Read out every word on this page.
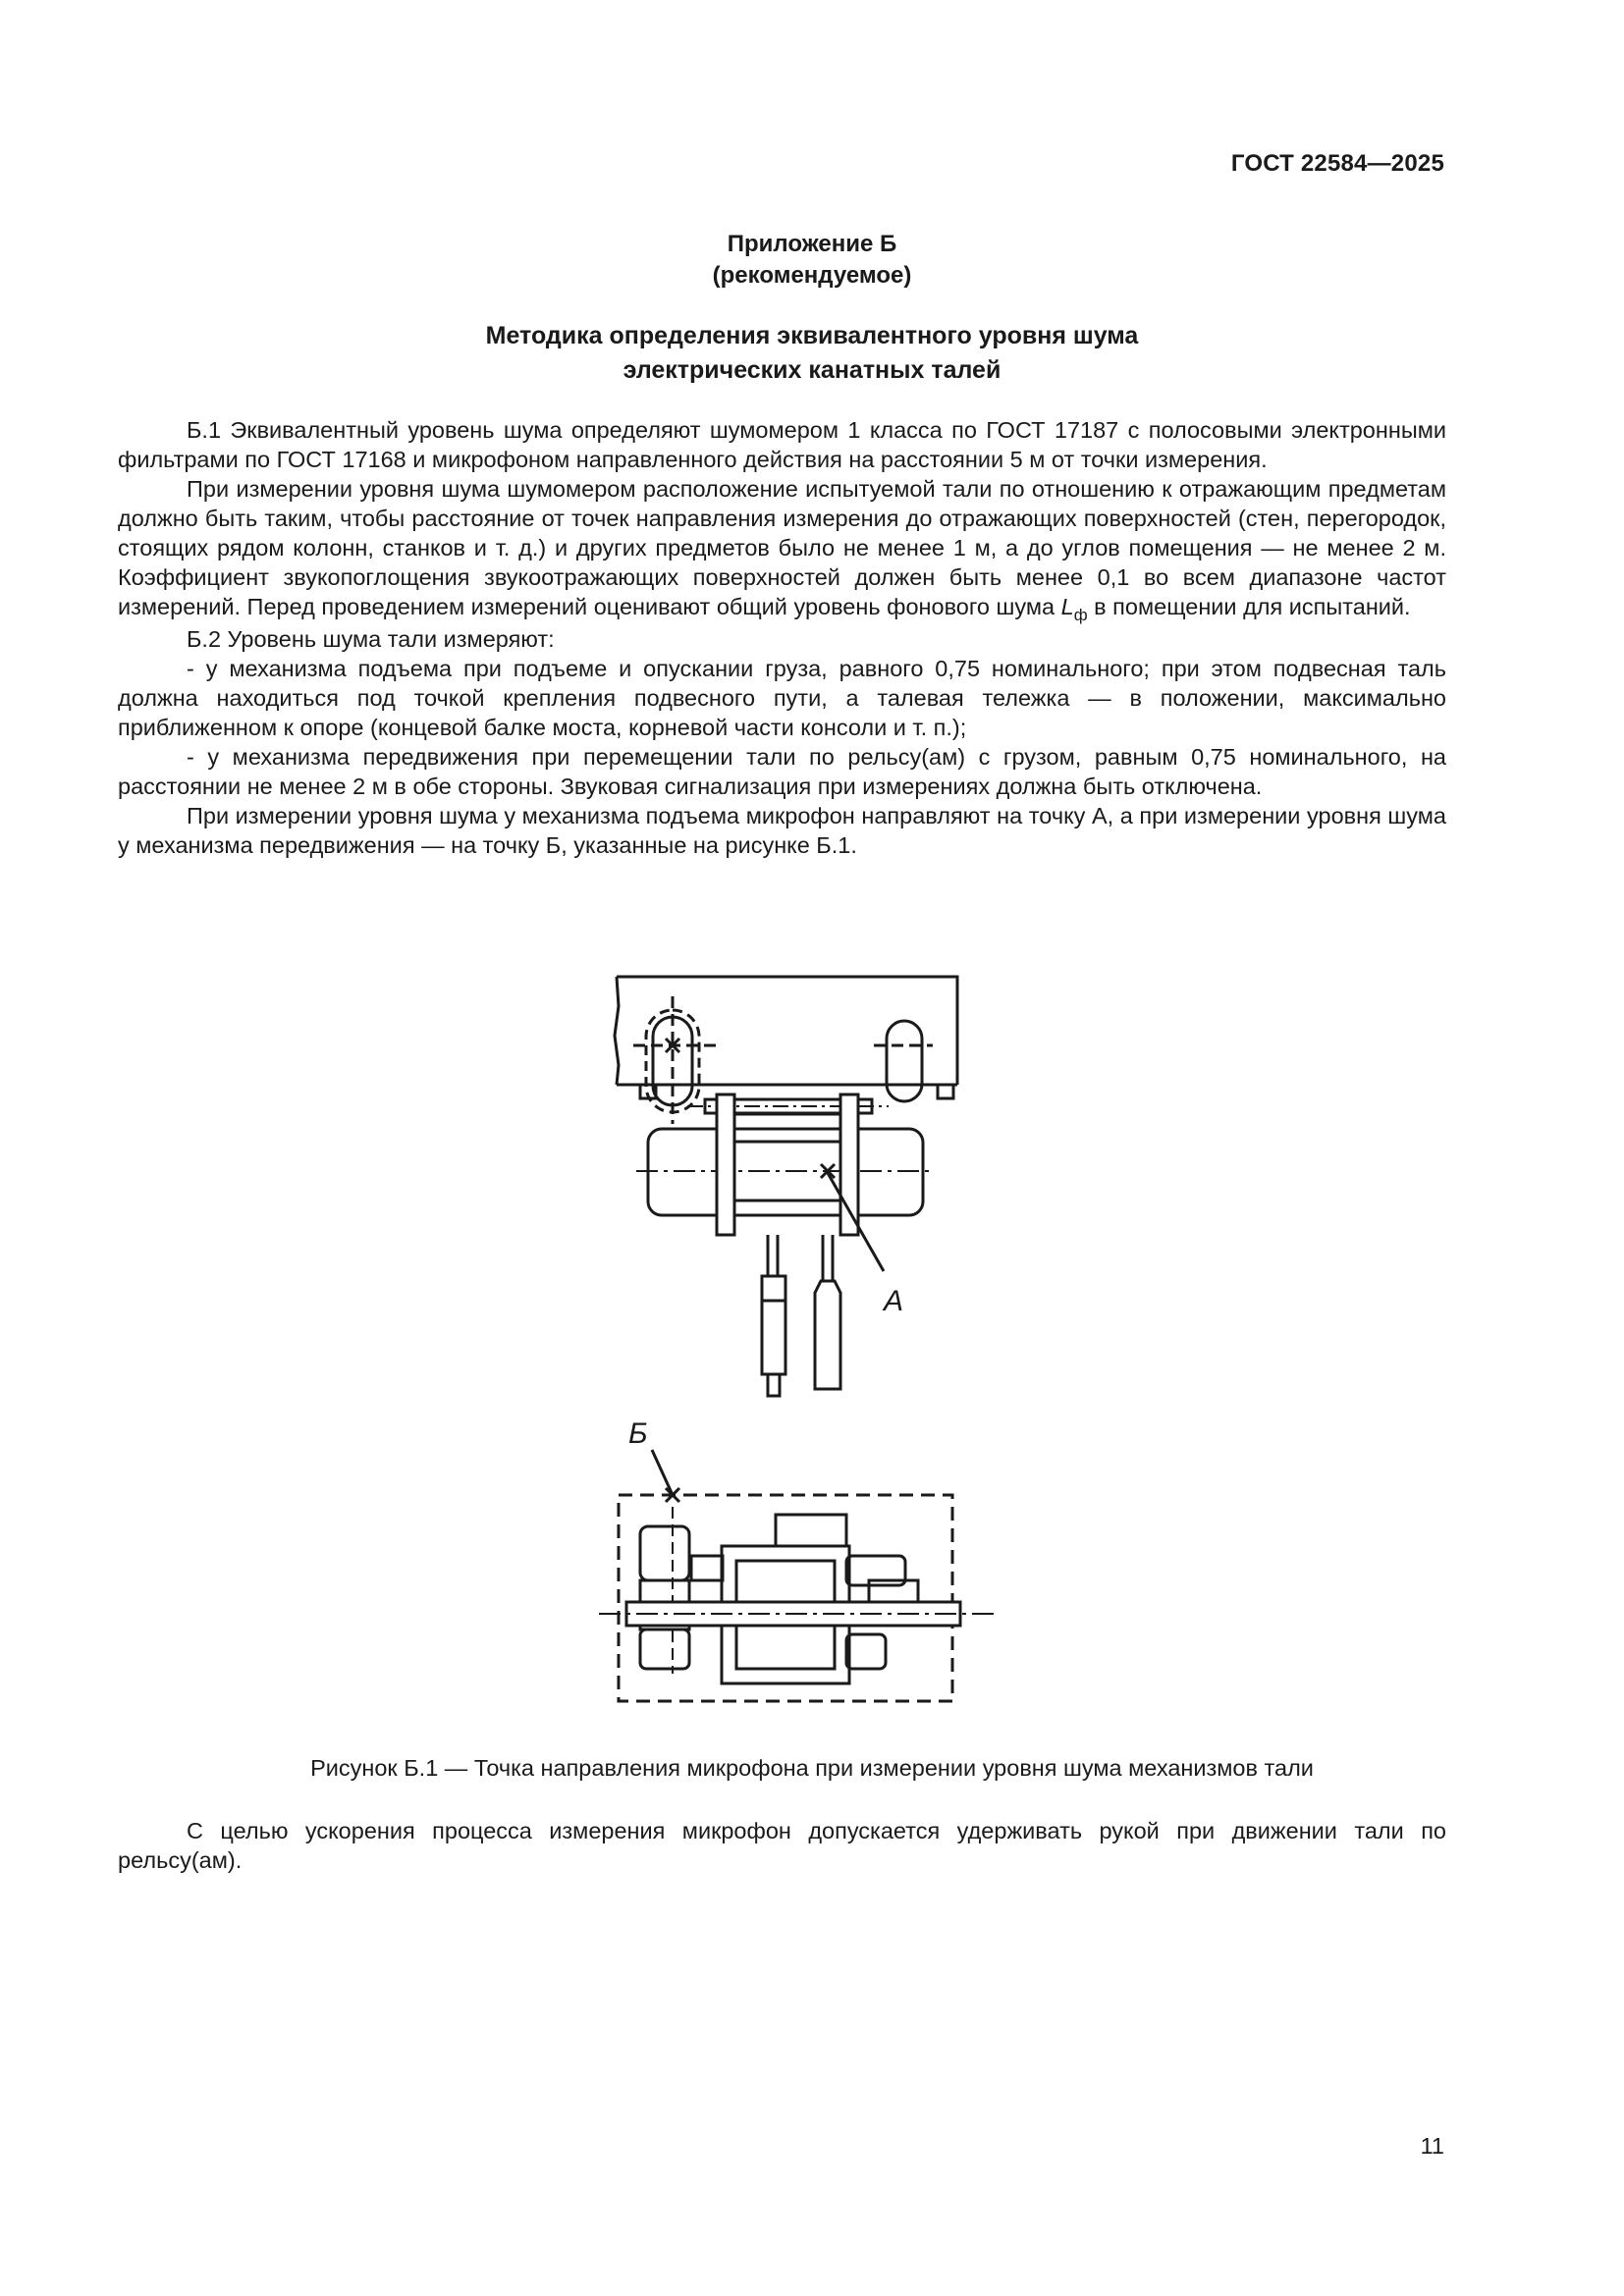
ГОСТ 22584—2025
Приложение Б
(рекомендуемое)
Методика определения эквивалентного уровня шума
электрических канатных талей

Б.1 Эквивалентный уровень шума определяют шумомером 1 класса по ГОСТ 17187 с полосовыми электронными фильтрами по ГОСТ 17168 и микрофоном направленного действия на расстоянии 5 м от точки измерения.

При измерении уровня шума шумомером расположение испытуемой тали по отношению к отражающим предметам должно быть таким, чтобы расстояние от точек направления измерения до отражающих поверхностей (стен, перегородок, стоящих рядом колонн, станков и т. д.) и других предметов было не менее 1 м, а до углов помещения — не менее 2 м. Коэффициент звукопоглощения звукоотражающих поверхностей должен быть менее 0,1 во всем диапазоне частот измерений. Перед проведением измерений оценивают общий уровень фонового шума $L_ф$ в помещении для испытаний.

Б.2 Уровень шума тали измеряют:

- у механизма подъема при подъеме и опускании груза, равного 0,75 номинального; при этом подвесная таль должна находиться под точкой крепления подвесного пути, а талевая тележка — в положении, максимально приближенном к опоре (концевой балке моста, корневой части консоли и т. п.);

- у механизма передвижения при перемещении тали по рельсу(ам) с грузом, равным 0,75 номинального, на расстоянии не менее 2 м в обе стороны. Звуковая сигнализация при измерениях должна быть отключена.

При измерении уровня шума у механизма подъема микрофон направляют на точку А, а при измерении уровня шума у механизма передвижения — на точку Б, указанные на рисунке Б.1.

А
Б
Рисунок Б.1 — Точка направления микрофона при измерении уровня шума механизмов тали

С целью ускорения процесса измерения микрофон допускается удерживать рукой при движении тали по рельсу(ам).

11
